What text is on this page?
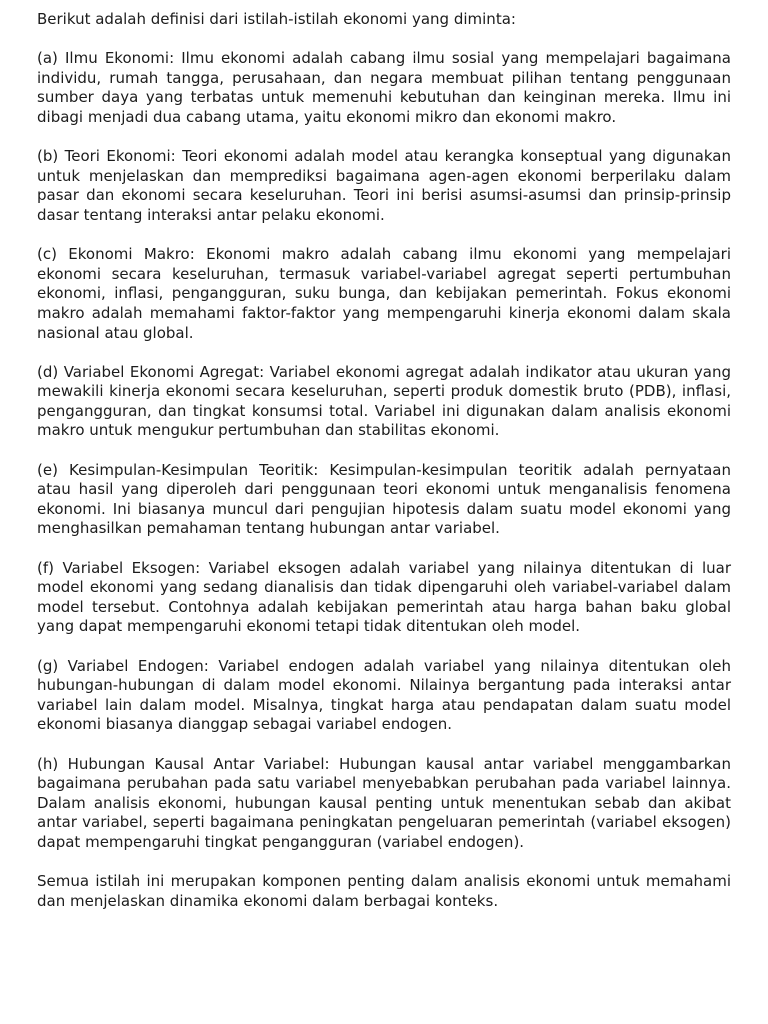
Berikut adalah definisi dari istilah-istilah ekonomi yang diminta:

(a) Ilmu Ekonomi: Ilmu ekonomi adalah cabang ilmu sosial yang mempelajari bagaimana individu, rumah tangga, perusahaan, dan negara membuat pilihan tentang penggunaan sumber daya yang terbatas untuk memenuhi kebutuhan dan keinginan mereka. Ilmu ini dibagi menjadi dua cabang utama, yaitu ekonomi mikro dan ekonomi makro.

(b) Teori Ekonomi: Teori ekonomi adalah model atau kerangka konseptual yang digunakan untuk menjelaskan dan memprediksi bagaimana agen-agen ekonomi berperilaku dalam pasar dan ekonomi secara keseluruhan. Teori ini berisi asumsi-asumsi dan prinsip-prinsip dasar tentang interaksi antar pelaku ekonomi.

(c) Ekonomi Makro: Ekonomi makro adalah cabang ilmu ekonomi yang mempelajari ekonomi secara keseluruhan, termasuk variabel-variabel agregat seperti pertumbuhan ekonomi, inflasi, pengangguran, suku bunga, dan kebijakan pemerintah. Fokus ekonomi makro adalah memahami faktor-faktor yang mempengaruhi kinerja ekonomi dalam skala nasional atau global.

(d) Variabel Ekonomi Agregat: Variabel ekonomi agregat adalah indikator atau ukuran yang mewakili kinerja ekonomi secara keseluruhan, seperti produk domestik bruto (PDB), inflasi, pengangguran, dan tingkat konsumsi total. Variabel ini digunakan dalam analisis ekonomi makro untuk mengukur pertumbuhan dan stabilitas ekonomi.

(e) Kesimpulan-Kesimpulan Teoritik: Kesimpulan-kesimpulan teoritik adalah pernyataan atau hasil yang diperoleh dari penggunaan teori ekonomi untuk menganalisis fenomena ekonomi. Ini biasanya muncul dari pengujian hipotesis dalam suatu model ekonomi yang menghasilkan pemahaman tentang hubungan antar variabel.

(f) Variabel Eksogen: Variabel eksogen adalah variabel yang nilainya ditentukan di luar model ekonomi yang sedang dianalisis dan tidak dipengaruhi oleh variabel-variabel dalam model tersebut. Contohnya adalah kebijakan pemerintah atau harga bahan baku global yang dapat mempengaruhi ekonomi tetapi tidak ditentukan oleh model.

(g) Variabel Endogen: Variabel endogen adalah variabel yang nilainya ditentukan oleh hubungan-hubungan di dalam model ekonomi. Nilainya bergantung pada interaksi antar variabel lain dalam model. Misalnya, tingkat harga atau pendapatan dalam suatu model ekonomi biasanya dianggap sebagai variabel endogen.

(h) Hubungan Kausal Antar Variabel: Hubungan kausal antar variabel menggambarkan bagaimana perubahan pada satu variabel menyebabkan perubahan pada variabel lainnya. Dalam analisis ekonomi, hubungan kausal penting untuk menentukan sebab dan akibat antar variabel, seperti bagaimana peningkatan pengeluaran pemerintah (variabel eksogen) dapat mempengaruhi tingkat pengangguran (variabel endogen).

Semua istilah ini merupakan komponen penting dalam analisis ekonomi untuk memahami dan menjelaskan dinamika ekonomi dalam berbagai konteks.
